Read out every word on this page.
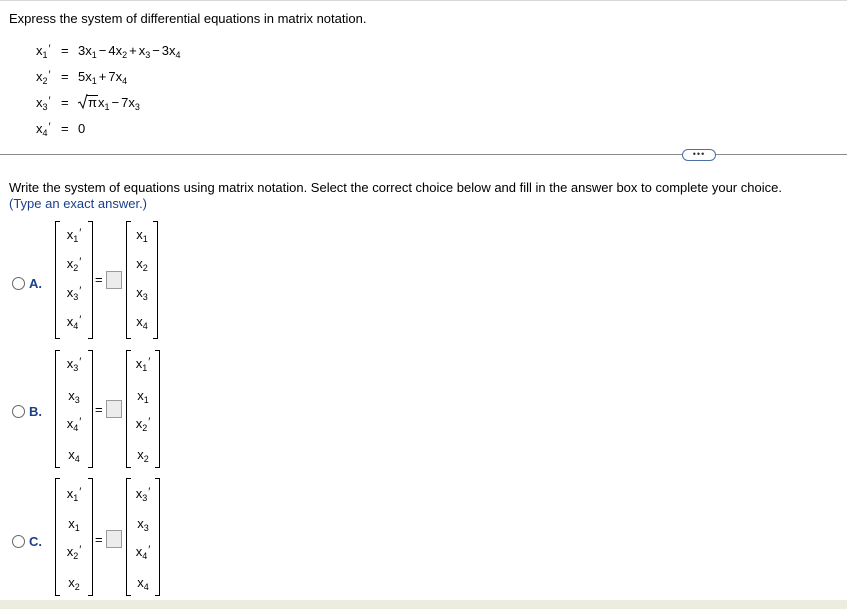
Express the system of differential equations in matrix notation.
$x_1' = 3x_1 - 4x_2 + x_3 - 3x_4$
$x_2' = 5x_1 + 7x_4$
$x_3'$ =	$\pi x_1 - 7x_3$
$x_4' = 0$
•••
Write the system of equations using matrix notation. Select the correct choice below and fill in the answer box to complete your choice.
(Type an exact answer.)
A.
$x_1'$
$x_2'$
$x_3'$
$x_4'$
=
$x_1$
$x_2$
$x_3$
$x_4$
B.
$x_3'$
$x_3$
$x_4'$
$x_4$
=
$x_1'$
$x_1$
$x_2'$
$x_2$
C.
$x_1'$
$x_1$
$x_2'$
$x_2$
=
$x_3'$
$x_3$
$x_4'$
$x_4$
